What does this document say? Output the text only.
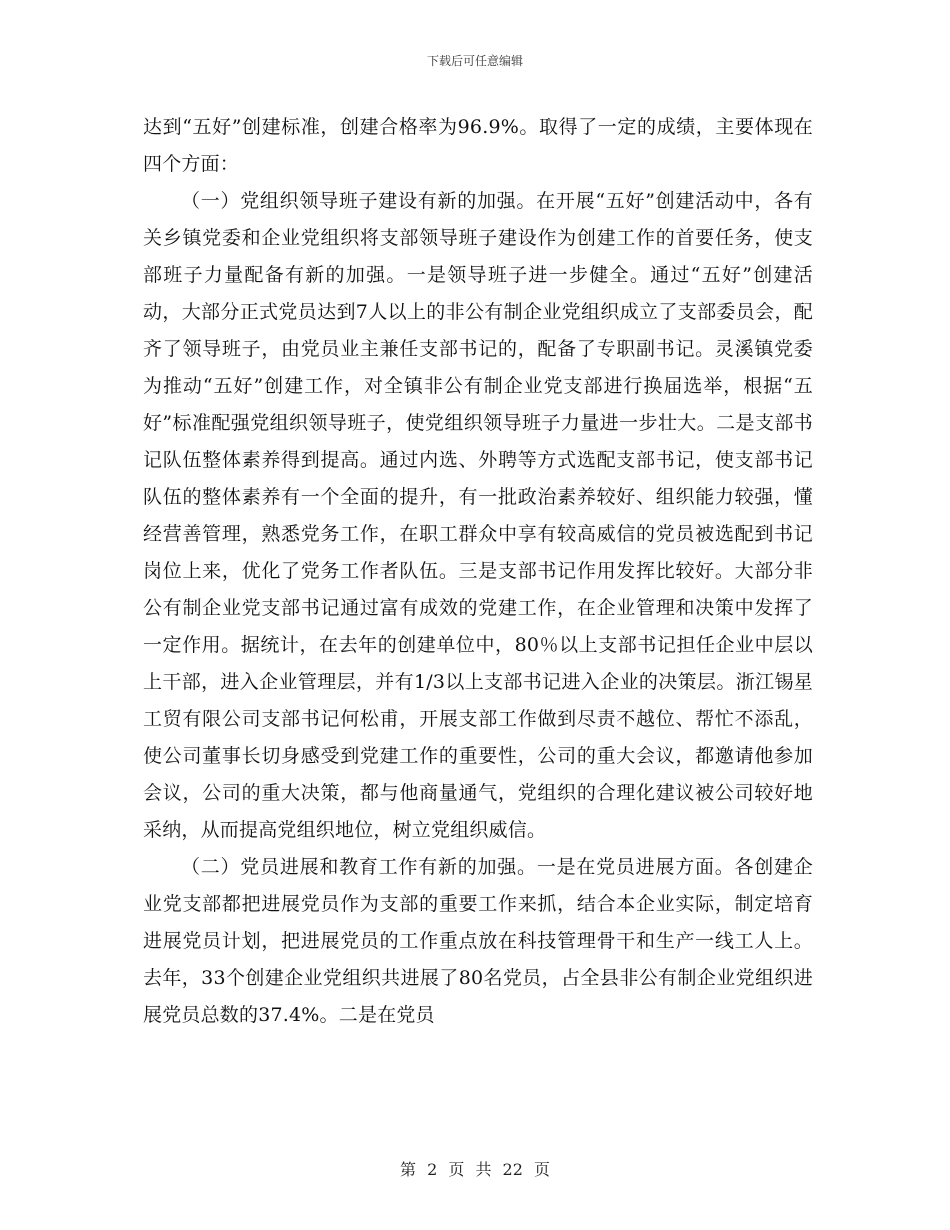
下载后可任意编辑

达到“五好”创建标准，创建合格率为96.9%。取得了一定的成绩，主要体现在四个方面：

（一）党组织领导班子建设有新的加强。在开展“五好”创建活动中，各有关乡镇党委和企业党组织将支部领导班子建设作为创建工作的首要任务，使支部班子力量配备有新的加强。一是领导班子进一步健全。通过“五好”创建活动，大部分正式党员达到7人以上的非公有制企业党组织成立了支部委员会，配齐了领导班子，由党员业主兼任支部书记的，配备了专职副书记。灵溪镇党委为推动“五好”创建工作，对全镇非公有制企业党支部进行换届选举，根据“五好”标准配强党组织领导班子，使党组织领导班子力量进一步壮大。二是支部书记队伍整体素养得到提高。通过内选、外聘等方式选配支部书记，使支部书记队伍的整体素养有一个全面的提升，有一批政治素养较好、组织能力较强，懂经营善管理，熟悉党务工作，在职工群众中享有较高威信的党员被选配到书记岗位上来，优化了党务工作者队伍。三是支部书记作用发挥比较好。大部分非公有制企业党支部书记通过富有成效的党建工作，在企业管理和决策中发挥了一定作用。据统计，在去年的创建单位中，80％以上支部书记担任企业中层以上干部，进入企业管理层，并有1/3以上支部书记进入企业的决策层。浙江锡星工贸有限公司支部书记何松甫，开展支部工作做到尽责不越位、帮忙不添乱，使公司董事长切身感受到党建工作的重要性，公司的重大会议，都邀请他参加会议，公司的重大决策，都与他商量通气，党组织的合理化建议被公司较好地采纳，从而提高党组织地位，树立党组织威信。

（二）党员进展和教育工作有新的加强。一是在党员进展方面。各创建企业党支部都把进展党员作为支部的重要工作来抓，结合本企业实际，制定培育进展党员计划，把进展党员的工作重点放在科技管理骨干和生产一线工人上。去年，33个创建企业党组织共进展了80名党员，占全县非公有制企业党组织进展党员总数的37.4%。二是在党员

第 2 页 共 22 页
